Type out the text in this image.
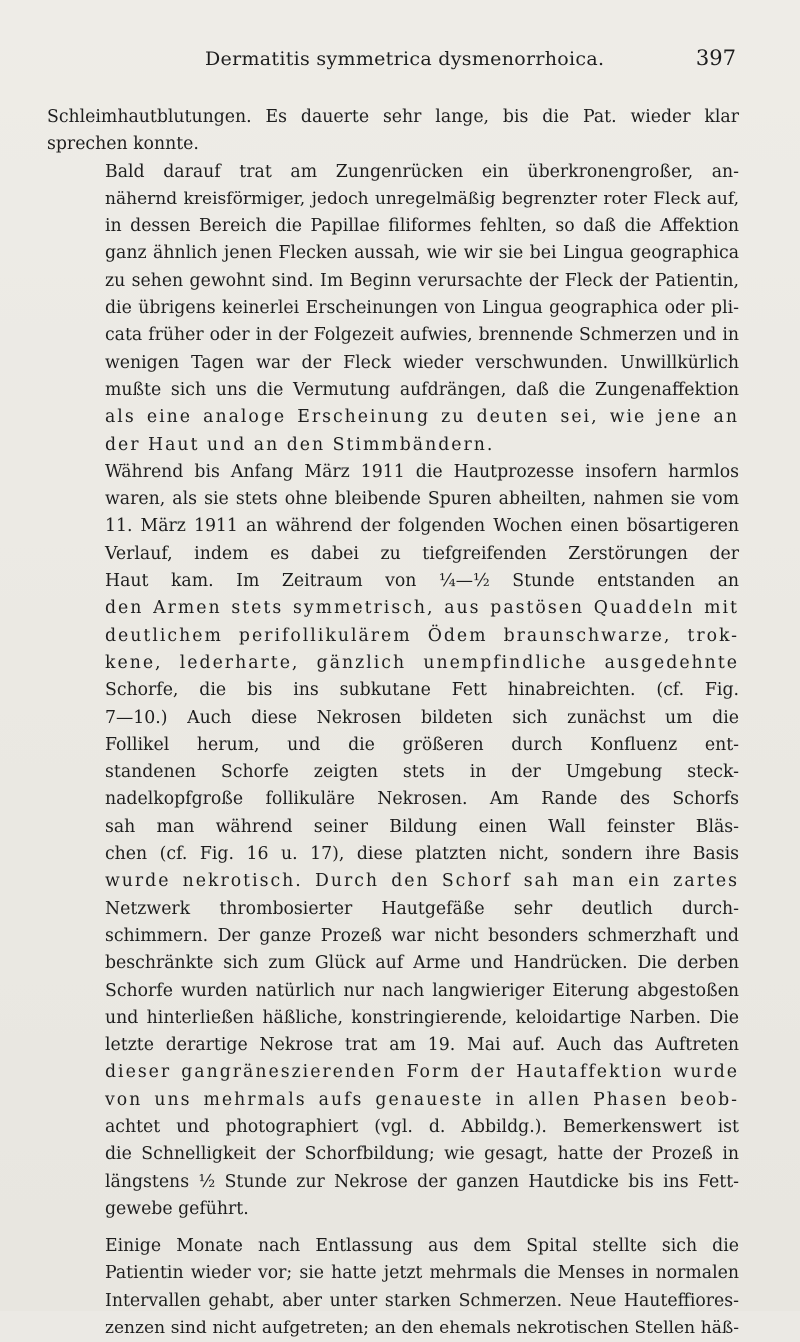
Dermatitis symmetrica dysmenorrhoica.	397

Schleimhautblutungen. Es dauerte sehr lange, bis die Pat. wieder klar
sprechen konnte.

Bald darauf trat am Zungenrücken ein überkronengroßer, an-
nähernd kreisförmiger, jedoch unregelmäßig begrenzter roter Fleck auf,
in dessen Bereich die Papillae filiformes fehlten, so daß die Affektion
ganz ähnlich jenen Flecken aussah, wie wir sie bei Lingua geographica
zu sehen gewohnt sind. Im Beginn verursachte der Fleck der Patientin,
die übrigens keinerlei Erscheinungen von Lingua geographica oder pli-
cata früher oder in der Folgezeit aufwies, brennende Schmerzen und in
wenigen Tagen war der Fleck wieder verschwunden. Unwillkürlich
mußte sich uns die Vermutung aufdrängen, daß die Zungenaffektion
als eine analoge Erscheinung zu deuten sei, wie jene an
der Haut und an den Stimmbändern.

Während bis Anfang März 1911 die Hautprozesse insofern harmlos
waren, als sie stets ohne bleibende Spuren abheilten, nahmen sie vom
11. März 1911 an während der folgenden Wochen einen bösartigeren
Verlauf, indem es dabei zu tiefgreifenden Zerstörungen der
Haut kam. Im Zeitraum von ¼—½ Stunde entstanden an
den Armen stets symmetrisch, aus pastösen Quaddeln mit
deutlichem perifollikulärem Ödem braunschwarze, trok-
kene, lederharte, gänzlich unempfindliche ausgedehnte
Schorfe, die bis ins subkutane Fett hinabreichten. (cf. Fig.
7—10.) Auch diese Nekrosen bildeten sich zunächst um die
Follikel herum, und die größeren durch Konfluenz ent-
standenen Schorfe zeigten stets in der Umgebung steck-
nadelkopfgroße follikuläre Nekrosen. Am Rande des Schorfs
sah man während seiner Bildung einen Wall feinster Bläs-
chen (cf. Fig. 16 u. 17), diese platzten nicht, sondern ihre Basis
wurde nekrotisch. Durch den Schorf sah man ein zartes
Netzwerk thrombosierter Hautgefäße sehr deutlich durch-
schimmern. Der ganze Prozeß war nicht besonders schmerzhaft und
beschränkte sich zum Glück auf Arme und Handrücken. Die derben
Schorfe wurden natürlich nur nach langwieriger Eiterung abgestoßen
und hinterließen häßliche, konstringierende, keloidartige Narben. Die
letzte derartige Nekrose trat am 19. Mai auf. Auch das Auftreten
dieser gangräneszierenden Form der Hautaffektion wurde
von uns mehrmals aufs genaueste in allen Phasen beob-
achtet und photographiert (vgl. d. Abbildg.). Bemerkenswert ist
die Schnelligkeit der Schorfbildung; wie gesagt, hatte der Prozeß in
längstens ½ Stunde zur Nekrose der ganzen Hautdicke bis ins Fett-
gewebe geführt.

Einige Monate nach Entlassung aus dem Spital stellte sich die
Patientin wieder vor; sie hatte jetzt mehrmals die Menses in normalen
Intervallen gehabt, aber unter starken Schmerzen. Neue Hauteffiores-
zenzen sind nicht aufgetreten; an den ehemals nekrotischen Stellen häß-
